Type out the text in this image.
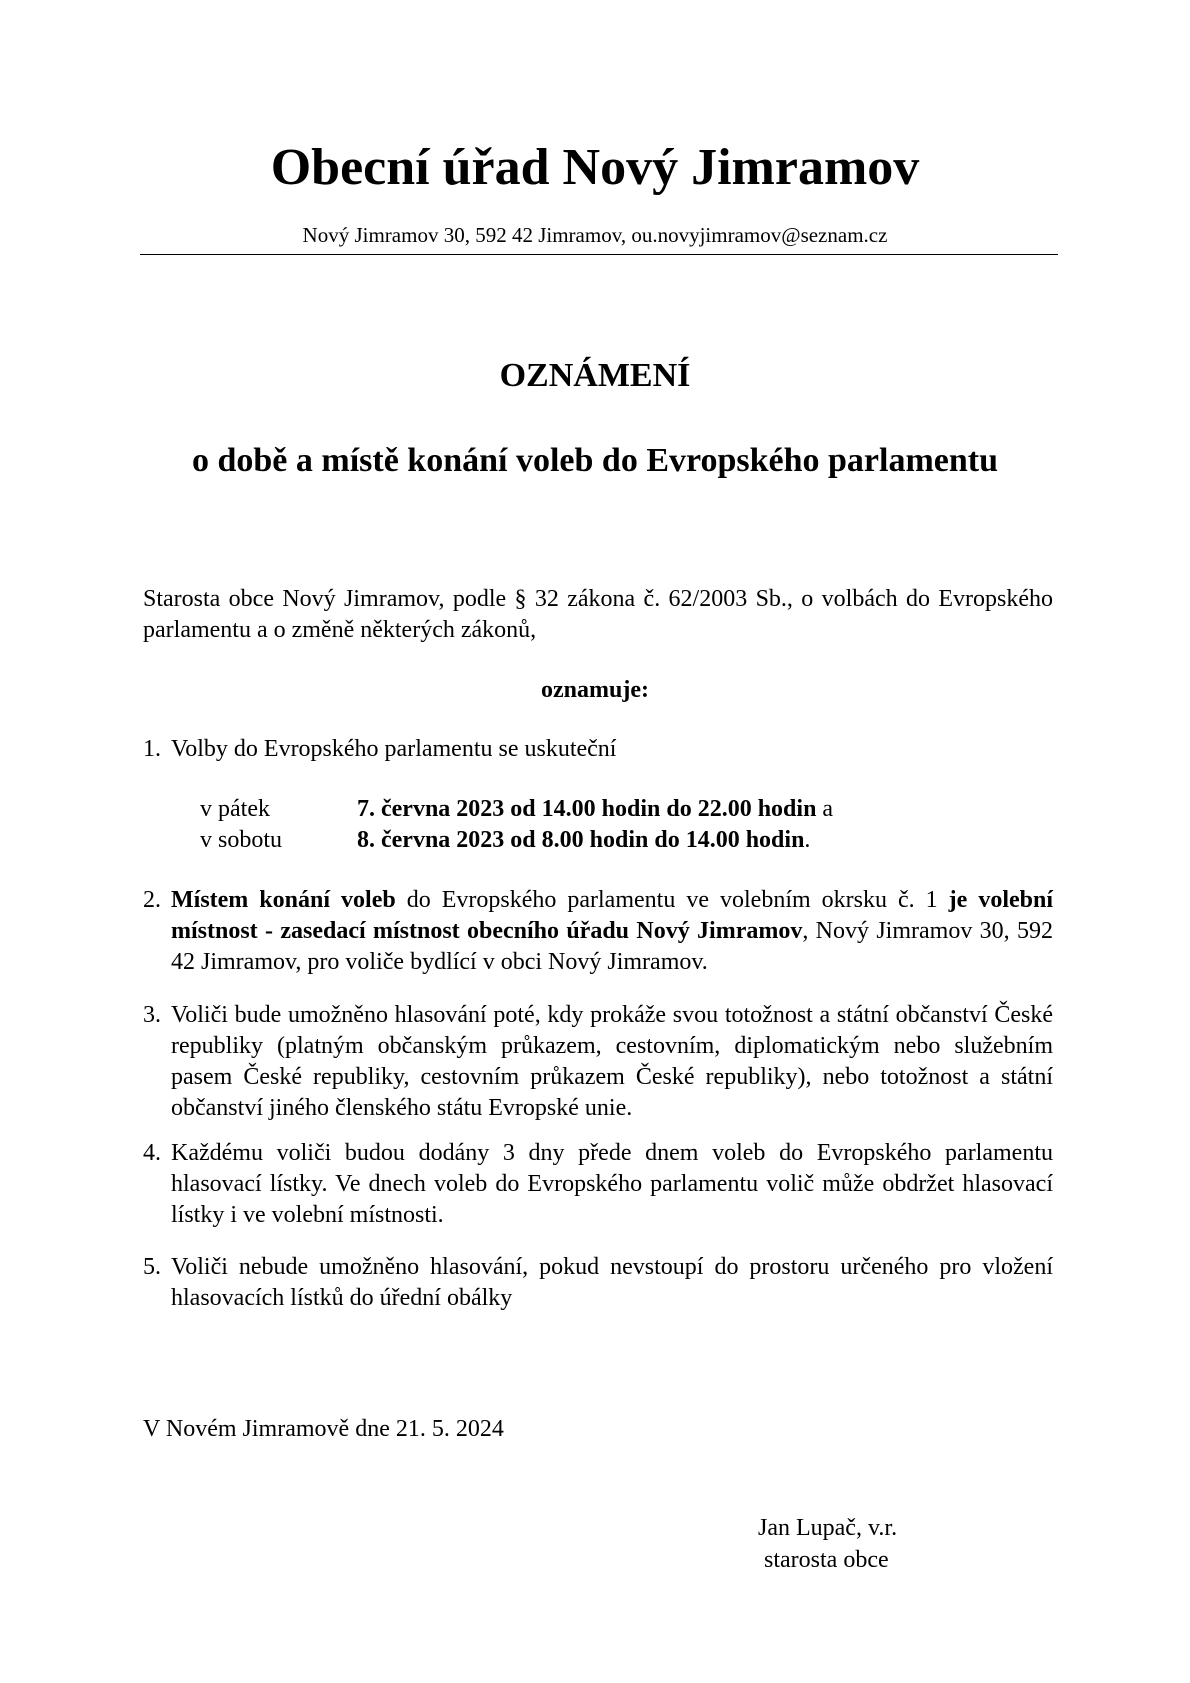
Obecní úřad Nový Jimramov
Nový Jimramov 30, 592 42 Jimramov, ou.novyjimramov@seznam.cz
OZNÁMENÍ
o době a místě konání voleb do Evropského parlamentu
Starosta obce Nový Jimramov, podle § 32 zákona č. 62/2003 Sb., o volbách do Evropského parlamentu a o změně některých zákonů,
oznamuje:
1. Volby do Evropského parlamentu se uskuteční
v pátek	7. června 2023 od 14.00 hodin do 22.00 hodin a
v sobotu	8. června 2023 od 8.00 hodin do 14.00 hodin.
2. Místem konání voleb do Evropského parlamentu ve volebním okrsku č. 1 je volební místnost - zasedací místnost obecního úřadu Nový Jimramov, Nový Jimramov 30, 592 42 Jimramov, pro voliče bydlící v obci Nový Jimramov.
3. Voliči bude umožněno hlasování poté, kdy prokáže svou totožnost a státní občanství České republiky (platným občanským průkazem, cestovním, diplomatickým nebo služebním pasem České republiky, cestovním průkazem České republiky), nebo totožnost a státní občanství jiného členského státu Evropské unie.
4. Každému voliči budou dodány 3 dny přede dnem voleb do Evropského parlamentu hlasovací lístky. Ve dnech voleb do Evropského parlamentu volič může obdržet hlasovací lístky i ve volební místnosti.
5. Voliči nebude umožněno hlasování, pokud nevstoupí do prostoru určeného pro vložení hlasovacích lístků do úřední obálky
V Novém Jimramově dne 21. 5. 2024
Jan Lupač, v.r.
starosta obce
